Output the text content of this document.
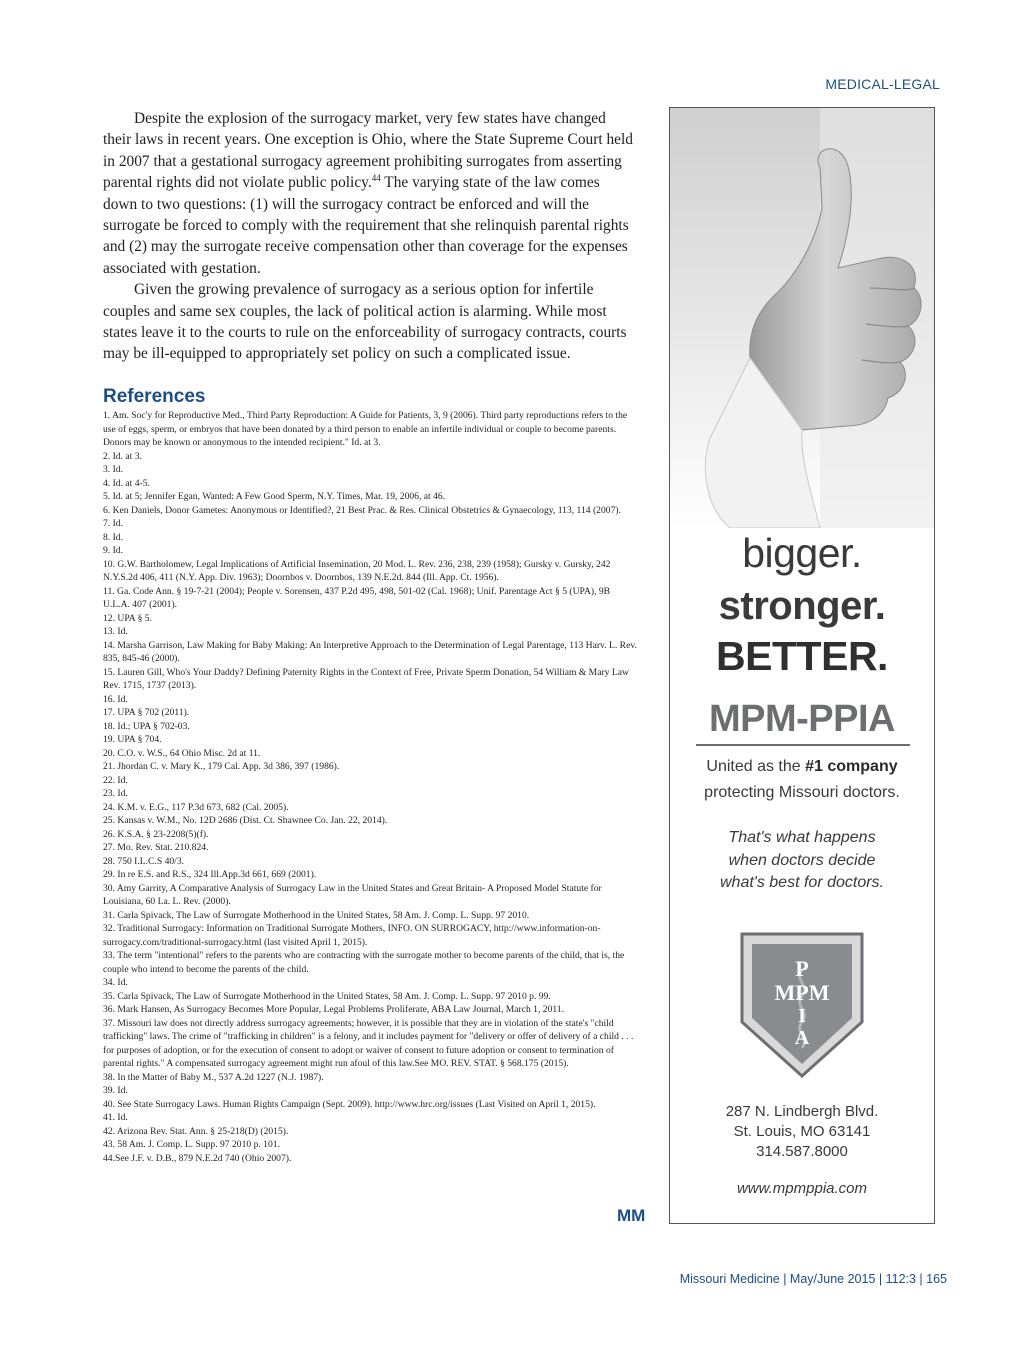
MEDICAL-LEGAL

Despite the explosion of the surrogacy market, very few states have changed their laws in recent years. One exception is Ohio, where the State Supreme Court held in 2007 that a gestational surrogacy agreement prohibiting surrogates from asserting parental rights did not violate public policy.$^{44}$ The varying state of the law comes down to two questions: (1) will the surrogacy contract be enforced and will the surrogate be forced to comply with the requirement that she relinquish parental rights and (2) may the surrogate receive compensation other than coverage for the expenses associated with gestation.

Given the growing prevalence of surrogacy as a serious option for infertile couples and same sex couples, the lack of political action is alarming. While most states leave it to the courts to rule on the enforceability of surrogacy contracts, courts may be ill-equipped to appropriately set policy on such a complicated issue.

References
1. Am. Soc'y for Reproductive Med., Third Party Reproduction: A Guide for Patients, 3, 9 (2006). Third party reproductions refers to the use of eggs, sperm, or embryos that have been donated by a third person to enable an infertile individual or couple to become parents. Donors may be known or anonymous to the intended recipient." Id. at 3.
2. Id. at 3.
3. Id.
4. Id. at 4-5.
5. Id. at 5; Jennifer Egan, Wanted: A Few Good Sperm, N.Y. Times, Mar. 19, 2006, at 46.
6. Ken Daniels, Donor Gametes: Anonymous or Identified?, 21 Best Prac. & Res. Clinical Obstetrics & Gynaecology, 113, 114 (2007).
7. Id.
8. Id.
9. Id.
10. G.W. Bartholomew, Legal Implications of Artificial Insemination, 20 Mod. L. Rev. 236, 238, 239 (1958); Gursky v. Gursky, 242 N.Y.S.2d 406, 411 (N.Y. App. Div. 1963); Doornbos v. Doornbos, 139 N.E.2d. 844 (Ill. App. Ct. 1956).
11. Ga. Code Ann. § 19-7-21 (2004); People v. Sorensen, 437 P.2d 495, 498, 501-02 (Cal. 1968); Unif. Parentage Act § 5 (UPA), 9B U.L.A. 407 (2001).
12. UPA § 5.
13. Id.
14. Marsha Garrison, Law Making for Baby Making: An Interpretive Approach to the Determination of Legal Parentage, 113 Harv. L. Rev. 835, 845-46 (2000).
15. Lauren Gill, Who's Your Daddy? Defining Paternity Rights in the Context of Free, Private Sperm Donation, 54 William & Mary Law Rev. 1715, 1737 (2013).
16. Id.
17. UPA § 702 (2011).
18. Id.; UPA § 702-03.
19. UPA § 704.
20. C.O. v. W.S., 64 Ohio Misc. 2d at 11.
21. Jhordan C. v. Mary K., 179 Cal. App. 3d 386, 397 (1986).
22. Id.
23. Id.
24. K.M. v. E.G., 117 P.3d 673, 682 (Cal. 2005).
25. Kansas v. W.M., No. 12D 2686 (Dist. Ct. Shawnee Co. Jan. 22, 2014).
26. K.S.A. § 23-2208(5)(f).
27. Mo. Rev. Stat. 210.824.
28. 750 I.L.C.S 40/3.
29. In re E.S. and R.S., 324 Ill.App.3d 661, 669 (2001).
30. Amy Garrity, A Comparative Analysis of Surrogacy Law in the United States and Great Britain- A Proposed Model Statute for Louisiana, 60 La. L. Rev. (2000).
31. Carla Spivack, The Law of Surrogate Motherhood in the United States, 58 Am. J. Comp. L. Supp. 97 2010.
32. Traditional Surrogacy: Information on Traditional Surrogate Mothers, INFO. ON SURROGACY, http://www.information-on-surrogacy.com/traditional-surrogacy.html (last visited April 1, 2015).
33. The term "intentional" refers to the parents who are contracting with the surrogate mother to become parents of the child, that is, the couple who intend to become the parents of the child.
34. Id.
35. Carla Spivack, The Law of Surrogate Motherhood in the United States, 58 Am. J. Comp. L. Supp. 97 2010 p. 99.
36. Mark Hansen, As Surrogacy Becomes More Popular, Legal Problems Proliferate, ABA Law Journal, March 1, 2011.
37. Missouri law does not directly address surrogacy agreements; however, it is possible that they are in violation of the state's "child trafficking" laws. The crime of "trafficking in children" is a felony, and it includes payment for "delivery or offer of delivery of a child . . . for purposes of adoption, or for the execution of consent to adopt or waiver of consent to future adoption or consent to termination of parental rights." A compensated surrogacy agreement might run afoul of this law.See MO. REV. STAT. § 568.175 (2015).
38. In the Matter of Baby M., 537 A.2d 1227 (N.J. 1987).
39. Id.
40. See State Surrogacy Laws. Human Rights Campaign (Sept. 2009). http://www.hrc.org/issues (Last Visited on April 1, 2015).
41. Id.
42. Arizona Rev. Stat. Ann. § 25-218(D) (2015).
43. 58 Am. J. Comp. L. Supp. 97 2010 p. 101.
44.See J.F. v. D.B., 879 N.E.2d 740 (Ohio 2007).
MM
Missouri Medicine | May/June 2015 | 112:3 | 165
bigger.
stronger.
BETTER.
MPM-PPIA
United as the #1 company
protecting Missouri doctors.
That's what happens
when doctors decide
what's best for doctors.
P
MPM
I
A
287 N. Lindbergh Blvd.
St. Louis, MO 63141
314.587.8000
www.mpmppia.com
